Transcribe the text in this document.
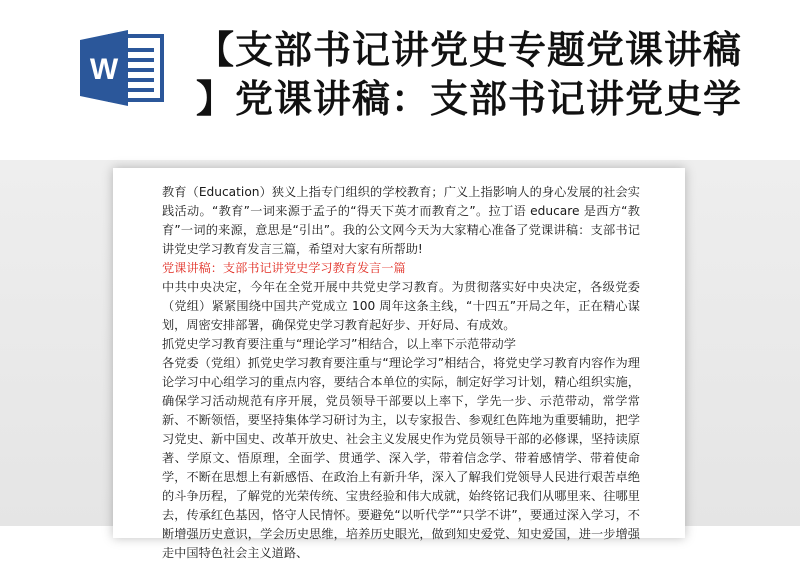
W 【支部书记讲党史专题党课讲稿
】党课讲稿：支部书记讲党史学

教育（Education）狭义上指专门组织的学校教育；广义上指影响人的身心发展的社会实践活动。“教育”一词来源于孟子的“得天下英才而教育之”。拉丁语 educare 是西方“教育”一词的来源，意思是“引出”。我的公文网今天为大家精心准备了党课讲稿：支部书记讲党史学习教育发言三篇，希望对大家有所帮助!

党课讲稿：支部书记讲党史学习教育发言一篇

中共中央决定，今年在全党开展中共党史学习教育。为贯彻落实好中央决定，各级党委（党组）紧紧围绕中国共产党成立 100 周年这条主线，“十四五”开局之年，正在精心谋划，周密安排部署，确保党史学习教育起好步、开好局、有成效。

抓党史学习教育要注重与“理论学习”相结合，以上率下示范带动学

各党委（党组）抓党史学习教育要注重与“理论学习”相结合，将党史学习教育内容作为理论学习中心组学习的重点内容，要结合本单位的实际，制定好学习计划，精心组织实施，确保学习活动规范有序开展，党员领导干部要以上率下，学先一步、示范带动，常学常新、不断领悟，要坚持集体学习研讨为主，以专家报告、参观红色阵地为重要辅助，把学习党史、新中国史、改革开放史、社会主义发展史作为党员领导干部的必修课，坚持读原著、学原文、悟原理，全面学、贯通学、深入学，带着信念学、带着感情学、带着使命学，不断在思想上有新感悟、在政治上有新升华，深入了解我们党领导人民进行艰苦卓绝的斗争历程，了解党的光荣传统、宝贵经验和伟大成就，始终铭记我们从哪里来、往哪里去，传承红色基因，恪守人民情怀。要避免“以听代学”“只学不讲”，要通过深入学习，不断增强历史意识，学会历史思维，培养历史眼光，做到知史爱党、知史爱国，进一步增强走中国特色社会主义道路、
